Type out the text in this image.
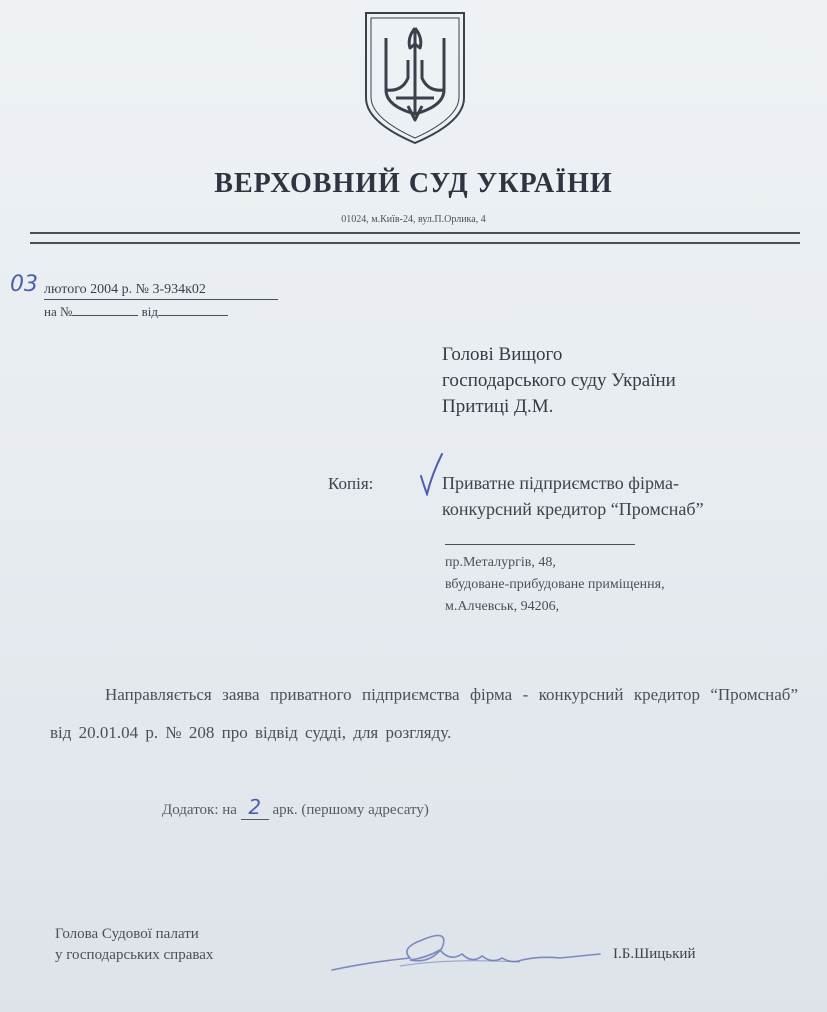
ВЕРХОВНИЙ СУД УКРАЇНИ
01024, м.Київ-24, вул.П.Орлика, 4
03 лютого 2004 р. № 3-934к02
на №	від
Голові Вищого
господарського суду України
Притиці Д.М.
Копія:	Приватне підприємство фірма-
конкурсний кредитор “Промснаб”
пр.Металургів, 48,
вбудоване-прибудоване приміщення,
м.Алчевськ, 94206,
Направляється заява приватного підприємства фірма - конкурсний кредитор “Промснаб” від 20.01.04 р. № 208 про відвід судді, для розгляду.
Додаток: на 2 арк. (першому адресату)
Голова Судової палати
у господарських справах	І.Б.Шицький
